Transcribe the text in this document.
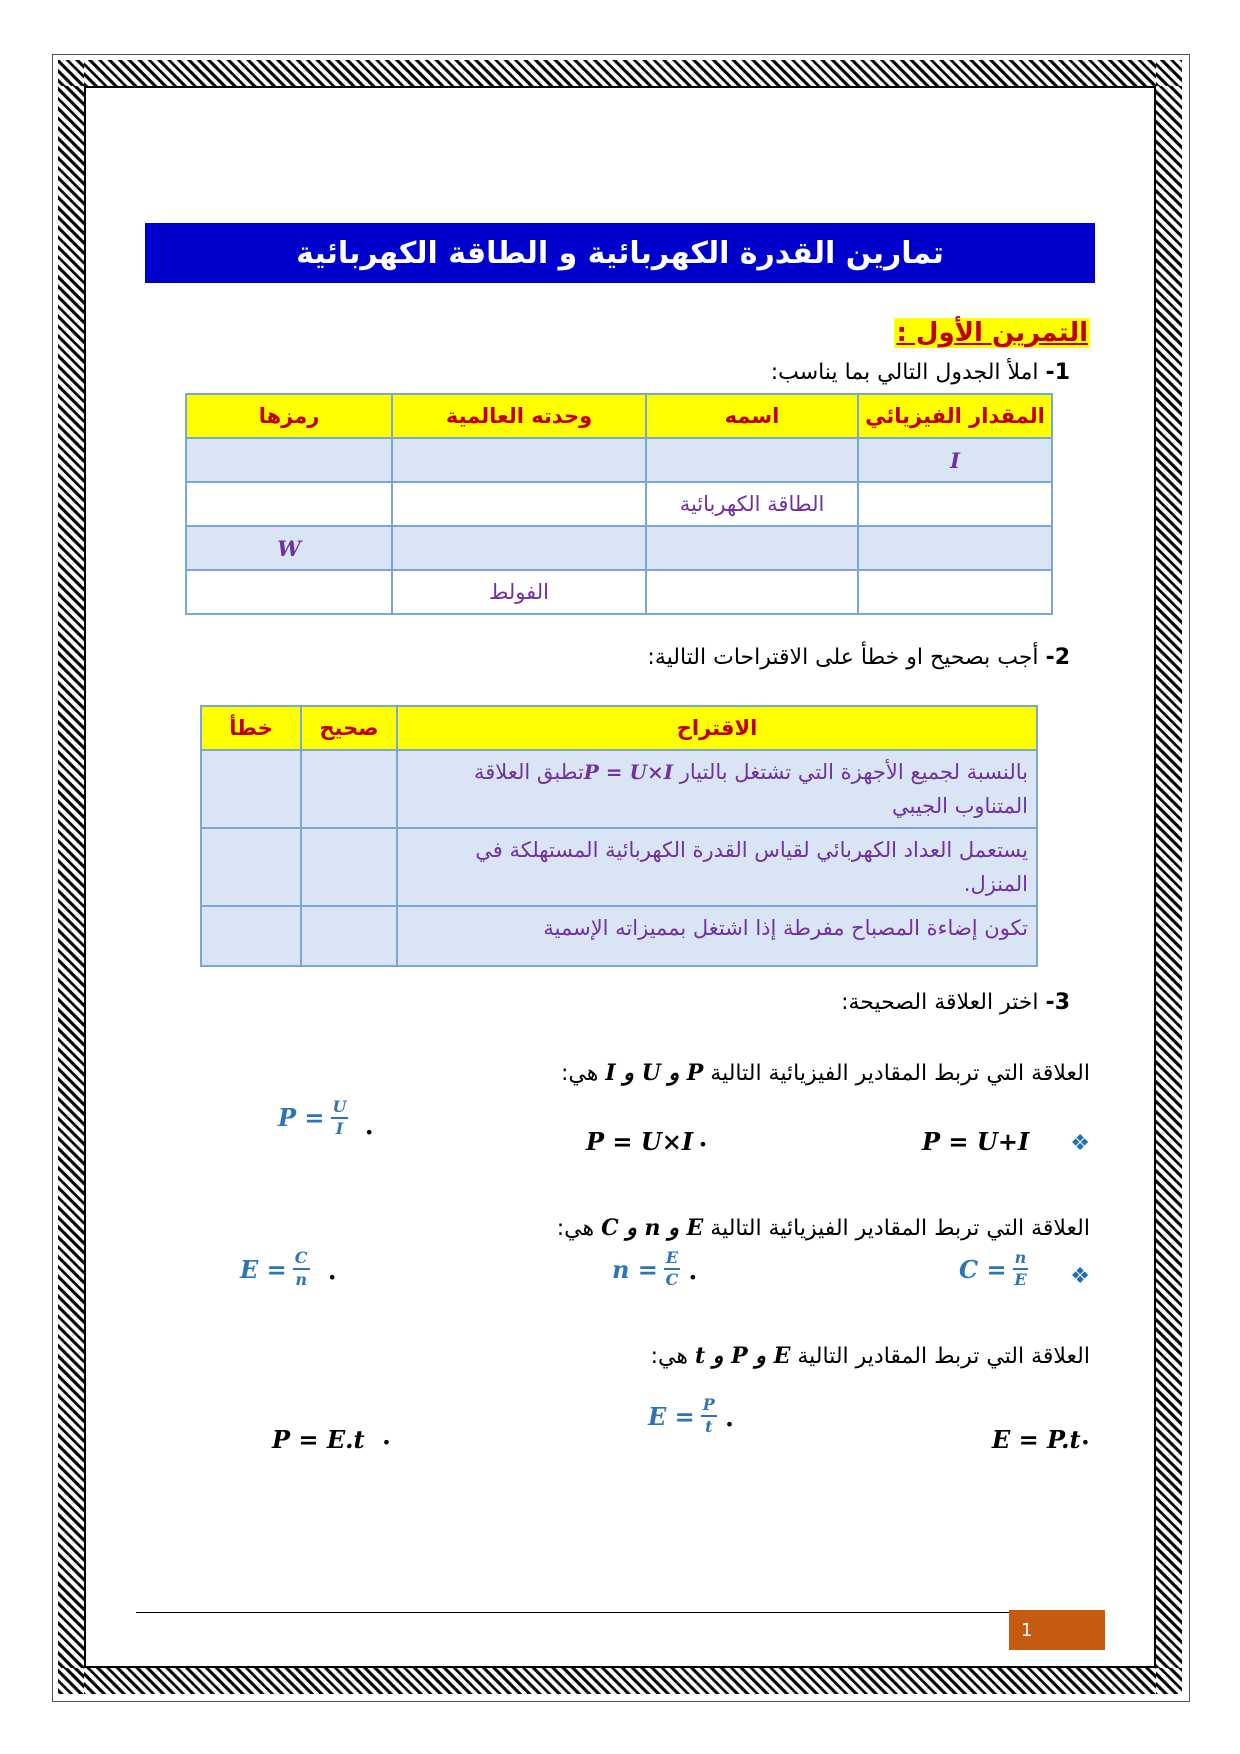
تمارين القدرة الكهربائية و الطاقة الكهربائية
التمرين الأول :
1- املأ الجدول التالي بما يناسب:
المقدار الفيزيائي	اسمه	وحدته العالمية	رمزها
I			
	الطاقة الكهربائية		
			W
		الفولط	
2- أجب بصحيح او خطأ على الاقتراحات التالية:
الاقتراح	صحيح	خطأ
بالنسبة لجميع الأجهزة التي تشتغل بالتيار P = U×Iتطبق العلاقة المتناوب الجيبي		
يستعمل العداد الكهربائي لقياس القدرة الكهربائية المستهلكة في المنزل.		
تكون إضاءة المصباح مفرطة إذا اشتغل بمميزاته الإسمية		
3- اختر العلاقة الصحيحة:
العلاقة التي تربط المقادير الفيزيائية التالية P و U و I هي:
P = U+I ❖
P = U×I •
$P = \frac{U}{I}$ •
العلاقة التي تربط المقادير الفيزيائية التالية E و n و C هي:
$C = \frac{n}{E}$ ❖
$n = \frac{E}{C}$ •
$E = \frac{C}{n}$ •
العلاقة التي تربط المقادير التالية E و P و t هي:
E = P.t•
$E = \frac{P}{t}$ •
P = E.t •
1
